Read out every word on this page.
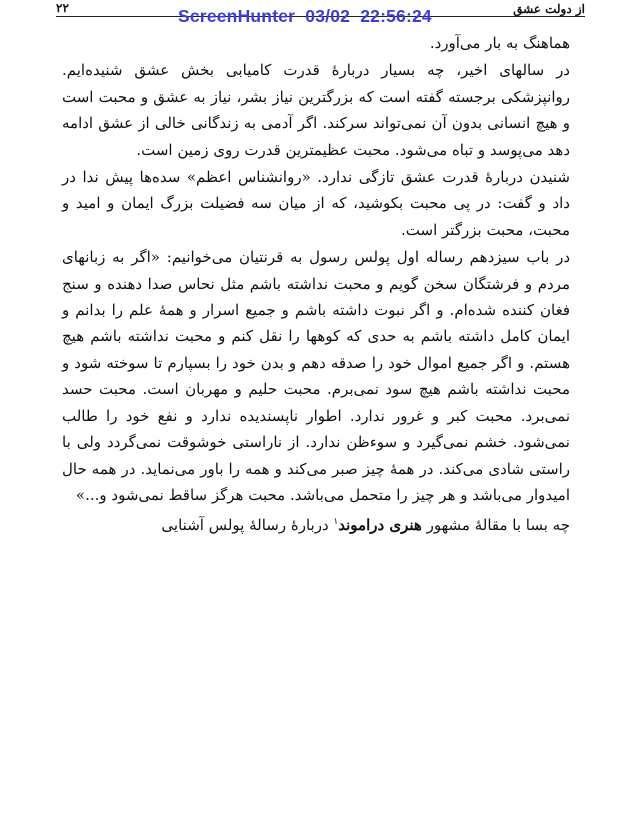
۲۲	از دولت عشق
ScreenHunter  03/02  22:56:24

هماهنگ به بار می‌آورد.

در سالهای اخیر، چه بسیار دربارهٔ قدرت کامیابی بخش عشق شنیده‌ایم. روانپزشکی برجسته گفته است که بزرگترین نیاز بشر، نیاز به عشق و محبت است و هیچ انسانی بدون آن نمی‌تواند سرکند. اگر آدمی به زندگانی خالی از عشق ادامه دهد می‌پوسد و تباه می‌شود. محبت عظیمترین قدرت روی زمین است.

شنیدن دربارهٔ قدرت عشق تازگی ندارد. «روانشناس اعظم» سده‌ها پیش ندا در داد و گفت: در پی محبت بکوشید، که از میان سه فضیلت بزرگ ایمان و امید و محبت، محبت بزرگتر است.

در باب سیزدهم رساله اول پولس رسول به قرنتیان می‌خوانیم: «اگر به زبانهای مردم و فرشتگان سخن گویم و محبت نداشته باشم مثل نحاس صدا دهنده و سنج فغان کننده شده‌ام. و اگر نبوت داشته باشم و جمیع اسرار و همهٔ علم را بدانم و ایمان کامل داشته باشم به حدی که کوهها را نقل کنم و محبت نداشته باشم هیچ هستم. و اگر جمیع اموال خود را صدقه دهم و بدن خود را بسپارم تا سوخته شود و محبت نداشته باشم هیچ سود نمی‌برم. محبت حلیم و مهربان است. محبت حسد نمی‌برد. محبت کبر و غرور ندارد. اطوار ناپسندیده ندارد و نفع خود را طالب نمی‌شود. خشم نمی‌گیرد و سوءظن ندارد. از ناراستی خوشوقت نمی‌گردد ولی با راستی شادی می‌کند. در همهٔ چیز صبر می‌کند و همه را باور می‌نماید. در همه حال امیدوار می‌باشد و هر چیز را متحمل می‌باشد. محبت هرگز ساقط نمی‌شود و...»

چه بسا با مقالهٔ مشهور هنری دراموند$^۱$ دربارهٔ رسالهٔ پولس آشنایی
